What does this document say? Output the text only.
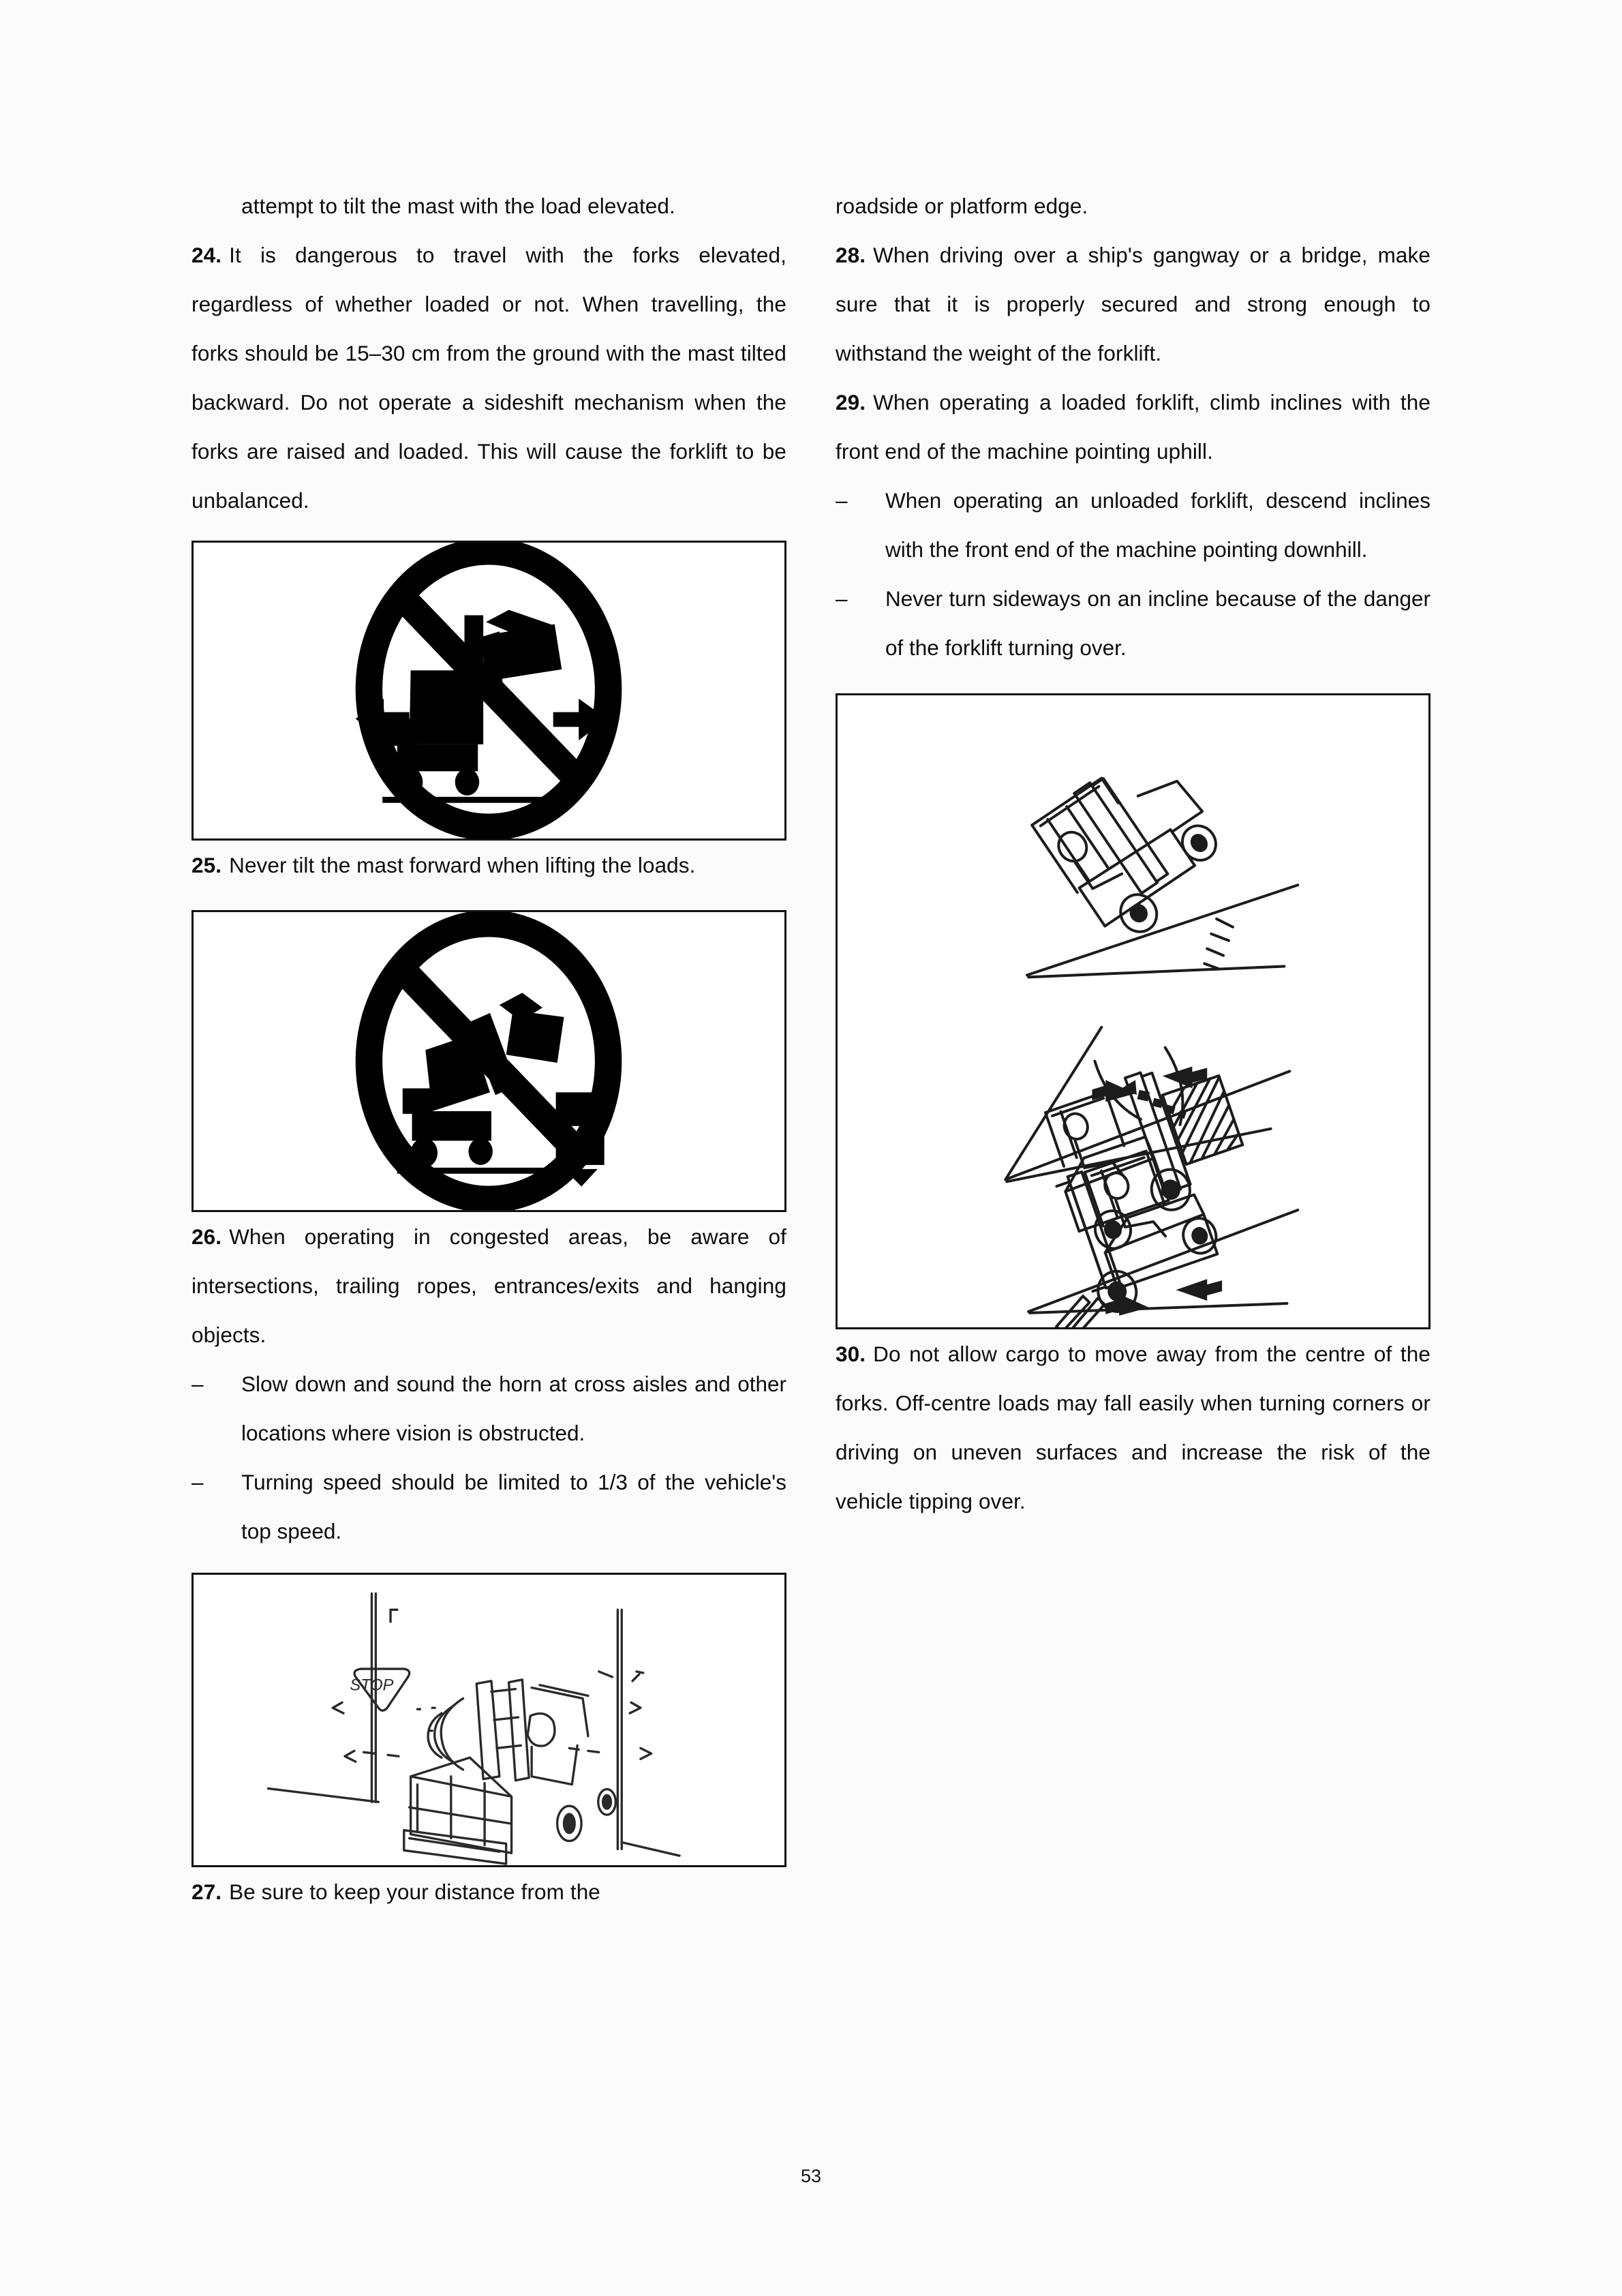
attempt to tilt the mast with the load elevated.

24. It is dangerous to travel with the forks elevated, regardless of whether loaded or not. When travelling, the forks should be 15–30 cm from the ground with the mast tilted backward. Do not operate a sideshift mechanism when the forks are raised and loaded. This will cause the forklift to be unbalanced.

25. Never tilt the mast forward when lifting the loads.

26. When operating in congested areas, be aware of intersections, trailing ropes, entrances/exits and hanging objects.

–	Slow down and sound the horn at cross aisles and other locations where vision is obstructed.
–	Turning speed should be limited to 1/3 of the vehicle's top speed.
STOP

27. Be sure to keep your distance from the

roadside or platform edge.

28. When driving over a ship's gangway or a bridge, make sure that it is properly secured and strong enough to withstand the weight of the forklift.

29. When operating a loaded forklift, climb inclines with the front end of the machine pointing uphill.

–	When operating an unloaded forklift, descend inclines with the front end of the machine pointing downhill.
–	Never turn sideways on an incline because of the danger of the forklift turning over.

30. Do not allow cargo to move away from the centre of the forks. Off-centre loads may fall easily when turning corners or driving on uneven surfaces and increase the risk of the vehicle tipping over.

53
